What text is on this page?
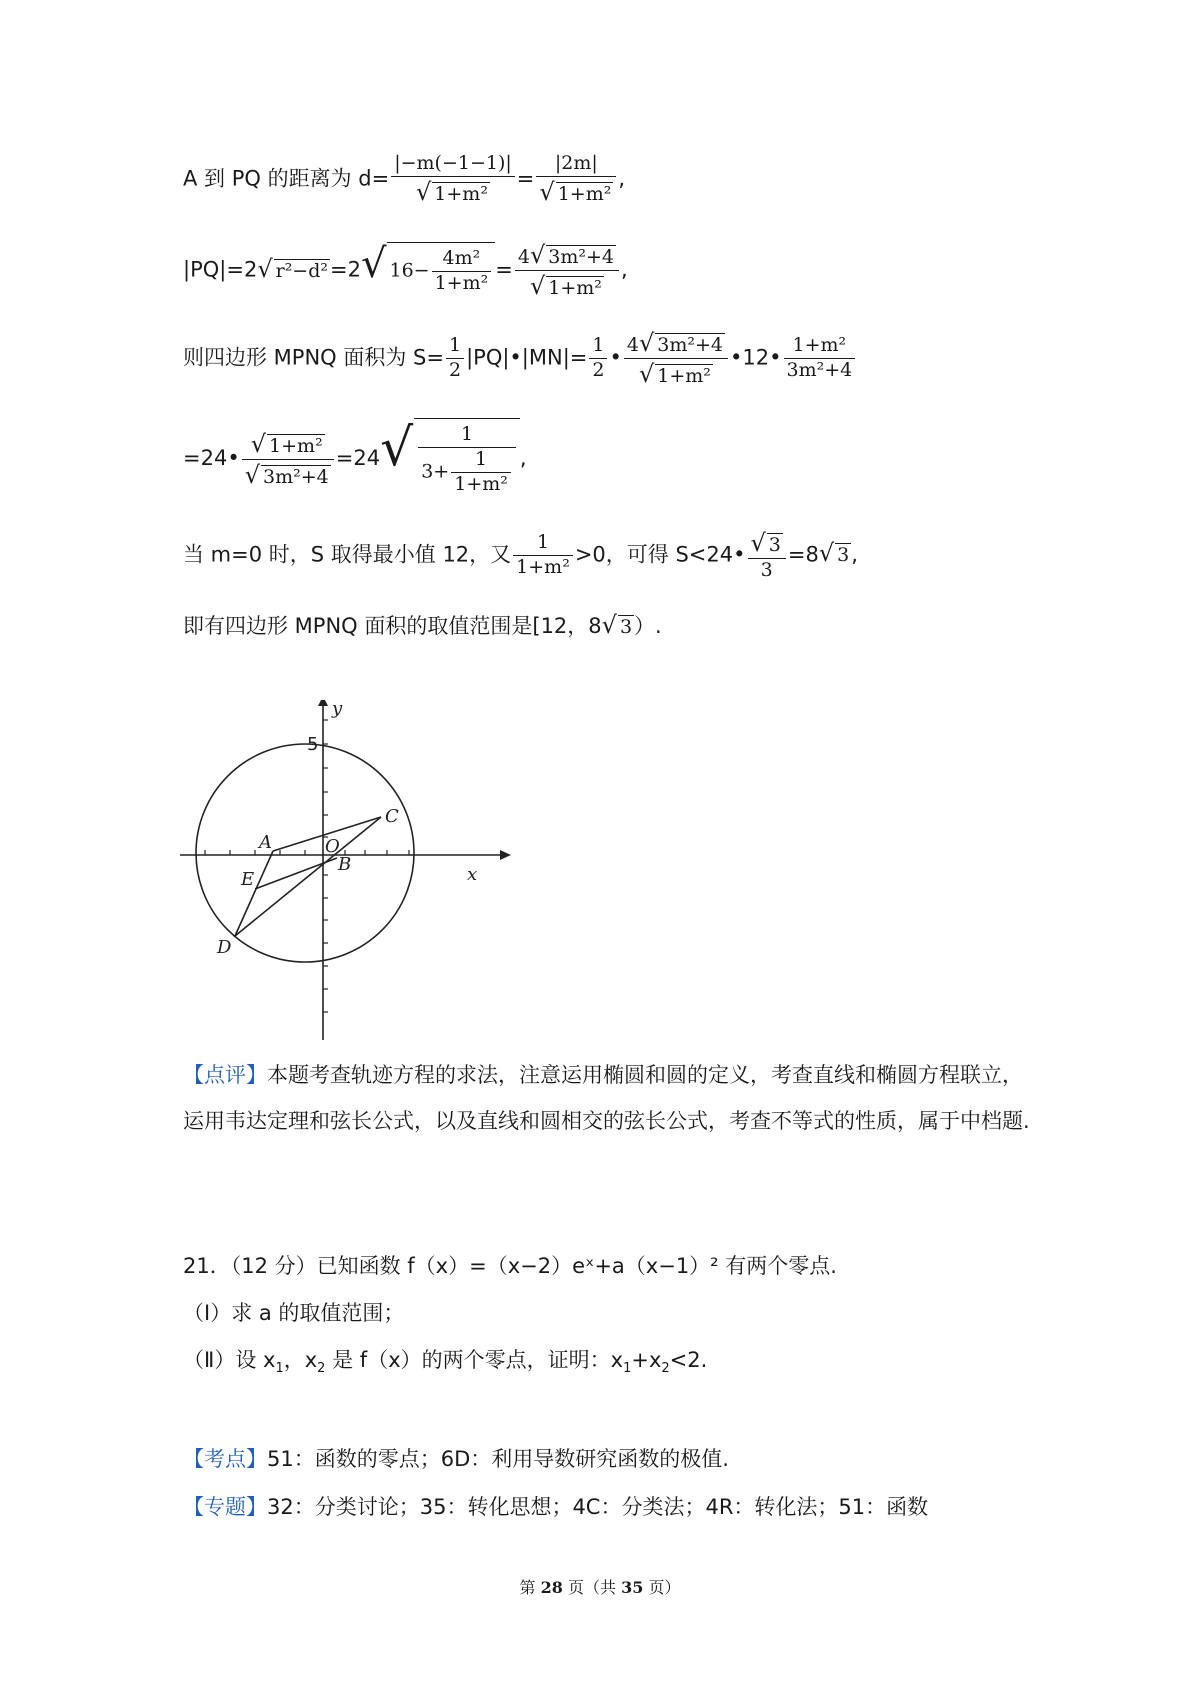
A 到 PQ 的距离为 $d= \frac{|-m(-1-1)|}{\text{√ 1+m²}} = \frac{|2m|}{\text{√ 1+m²}}$ ,
|PQ|=2√ r²−d²=2√ $16- \frac{\text{4m²}}{\text{1+m²}} = \frac{\text{4√ 3m²+4}}{\text{√ 1+m²}}$ ,
则四边形 MPNQ 面积为 $S= \frac{1}{2}$ |PQ|•|MN|= $\frac{1}{2}$ • $\frac{\text{4√ 3m²+4}}{\text{√ 1+m²}}$ •12• $\frac{\text{1+m²}}{\text{3m²+4}}$
=24• $\frac{\text{√ 1+m²}}{\text{√ 3m²+4}} =24√ \frac{1}{3+ \frac{1}{\text{1+m²}}}$ ,
当 m=0 时，S 取得最小值 12，又 $\frac{1}{\text{1+m²}} >0$，可得 S<24• $\frac{√ 3}{3} =8√$ 3,
即有四边形 MPNQ 面积的取值范围是[12，8√ 3）.
x
y
C
A	O
B
E
D
5
【点评】本题考查轨迹方程的求法，注意运用椭圆和圆的定义，考查直线和椭圆方程联立，运用韦达定理和弦长公式，以及直线和圆相交的弦长公式，考查不等式的性质，属于中档题.
21．（12 分）已知函数 f（x）=（x−2）eˣ+a（x−1）² 有两个零点.
（Ⅰ）求 a 的取值范围；
（Ⅱ）设 $x_1$，$x_2$ 是 f（x）的两个零点，证明：$x_1+x_2<2$.
【考点】51：函数的零点；6D：利用导数研究函数的极值.
【专题】32：分类讨论；35：转化思想；4C：分类法；4R：转化法；51：函数
第 28 页（共 35 页）
